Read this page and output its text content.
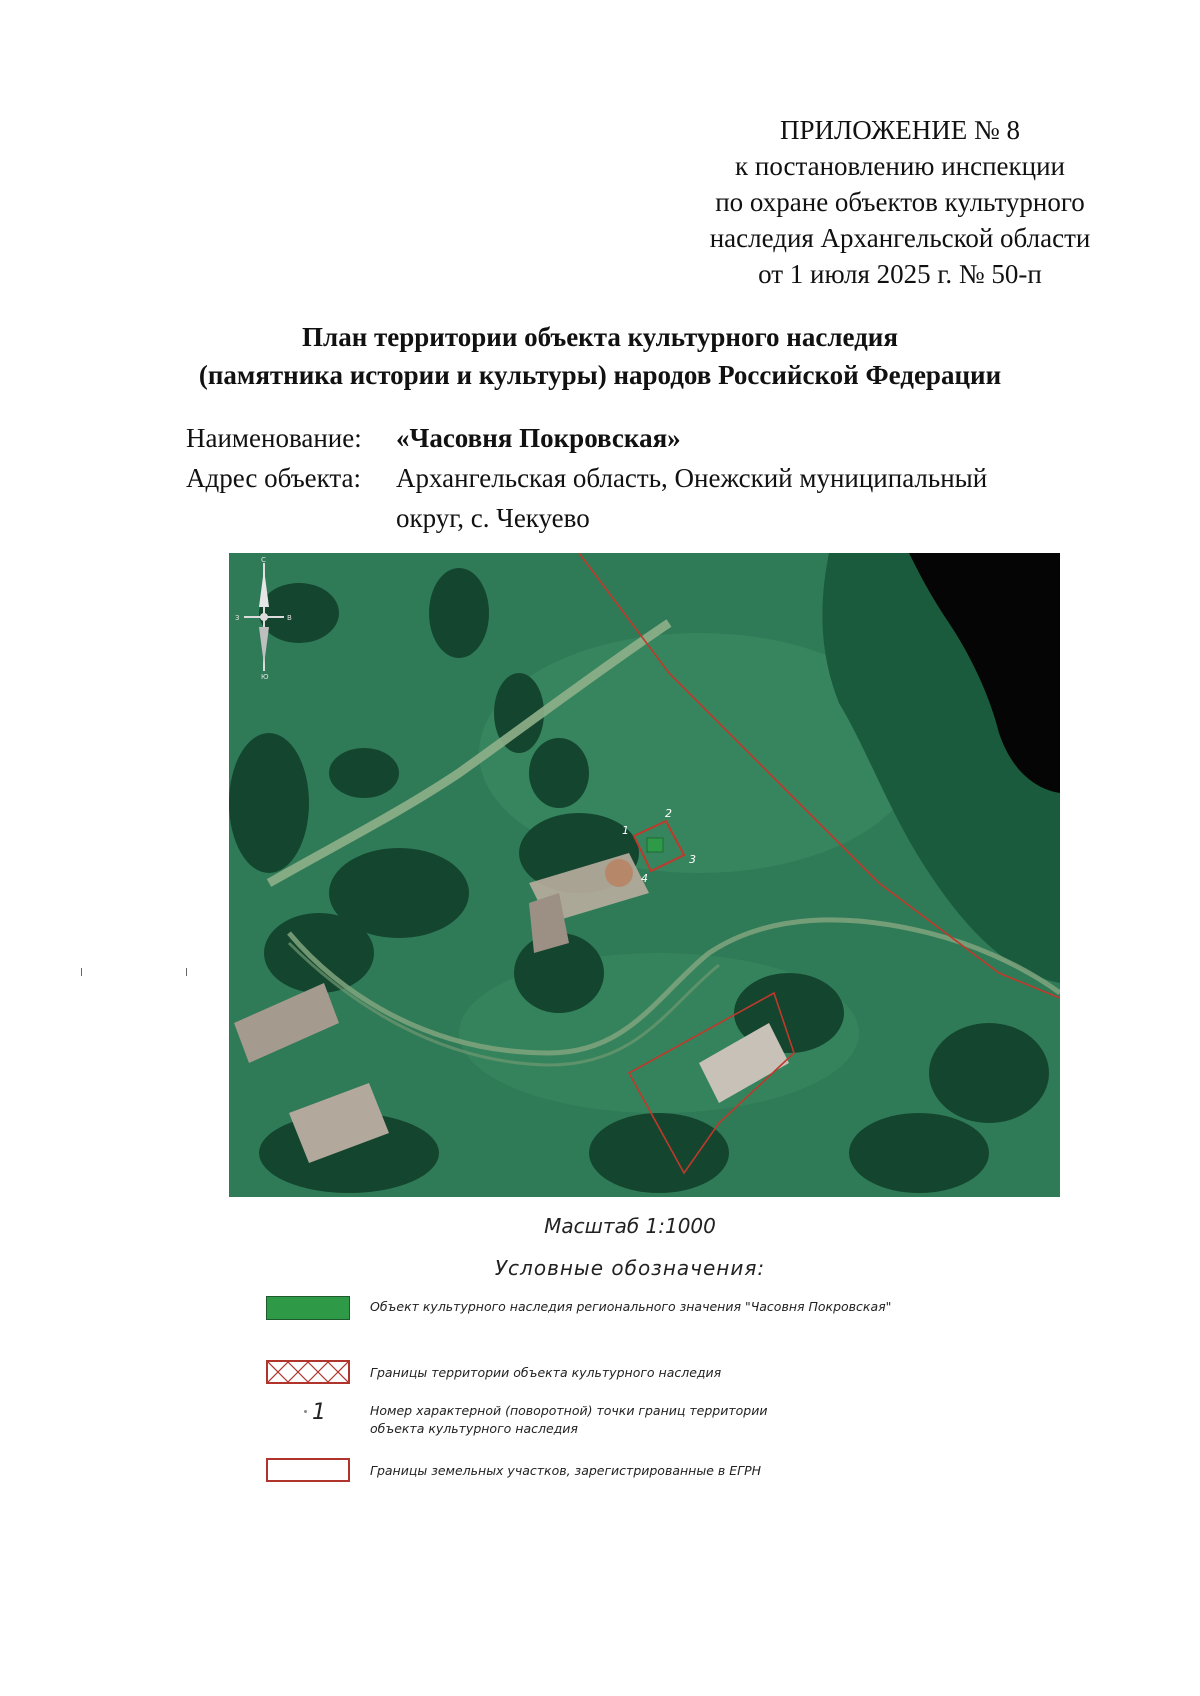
ПРИЛОЖЕНИЕ № 8
к постановлению инспекции
по охране объектов культурного
наследия Архангельской области
от 1 июля 2025 г. № 50-п
План территории объекта культурного наследия
(памятника истории и культуры) народов Российской Федерации
Наименование: «Часовня Покровская»
Адрес объекта: Архангельская область, Онежский муниципальный
округ, с. Чекуево
1
2
3
4
С
Ю
З	В
Масштаб 1:1000
Условные обозначения:
Объект культурного наследия регионального значения "Часовня Покровская"
Границы территории объекта культурного наследия
1	Номер характерной (поворотной) точки границ территории
объекта культурного наследия
Границы земельных участков, зарегистрированные в ЕГРН
